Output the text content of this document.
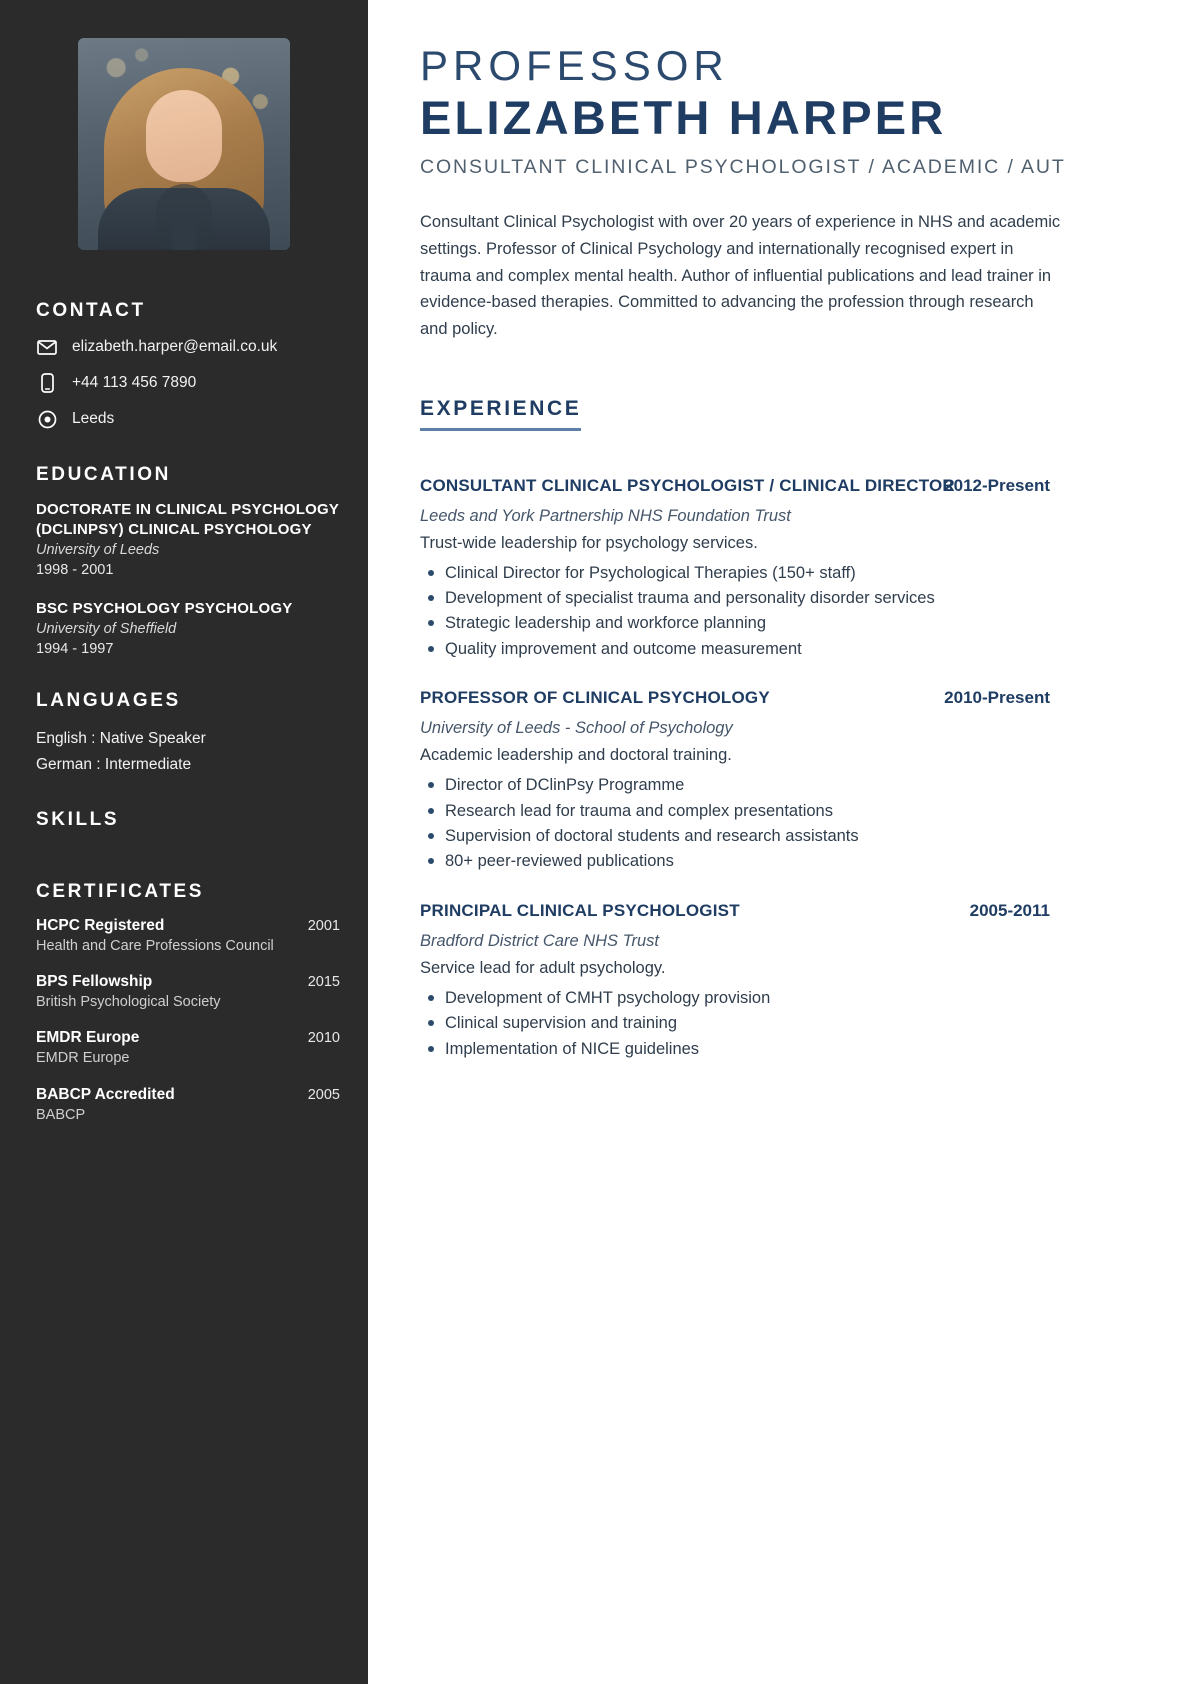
CONTACT
elizabeth.harper@email.co.uk
+44 113 456 7890
Leeds
EDUCATION
DOCTORATE IN CLINICAL PSYCHOLOGY (DCLINPSY) CLINICAL PSYCHOLOGY
University of Leeds
1998 - 2001
BSC PSYCHOLOGY PSYCHOLOGY
University of Sheffield
1994 - 1997
LANGUAGES
English : Native Speaker
German : Intermediate
SKILLS
CERTIFICATES
HCPC Registered	2001
Health and Care Professions Council
BPS Fellowship	2015
British Psychological Society
EMDR Europe	2010
EMDR Europe
BABCP Accredited	2005
BABCP
PROFESSOR
ELIZABETH HARPER
CONSULTANT CLINICAL PSYCHOLOGIST / ACADEMIC / AUT

Consultant Clinical Psychologist with over 20 years of experience in NHS and academic settings. Professor of Clinical Psychology and internationally recognised expert in trauma and complex mental health. Author of influential publications and lead trainer in evidence-based therapies. Committed to advancing the profession through research and policy.

EXPERIENCE
CONSULTANT CLINICAL PSYCHOLOGIST / CLINICAL DIRECTOR
2012-Present
Leeds and York Partnership NHS Foundation Trust
Trust-wide leadership for psychology services.
Clinical Director for Psychological Therapies (150+ staff)
Development of specialist trauma and personality disorder services
Strategic leadership and workforce planning
Quality improvement and outcome measurement
PROFESSOR OF CLINICAL PSYCHOLOGY	2010-Present
University of Leeds - School of Psychology
Academic leadership and doctoral training.
Director of DClinPsy Programme
Research lead for trauma and complex presentations
Supervision of doctoral students and research assistants
80+ peer-reviewed publications
PRINCIPAL CLINICAL PSYCHOLOGIST	2005-2011
Bradford District Care NHS Trust
Service lead for adult psychology.
Development of CMHT psychology provision
Clinical supervision and training
Implementation of NICE guidelines
